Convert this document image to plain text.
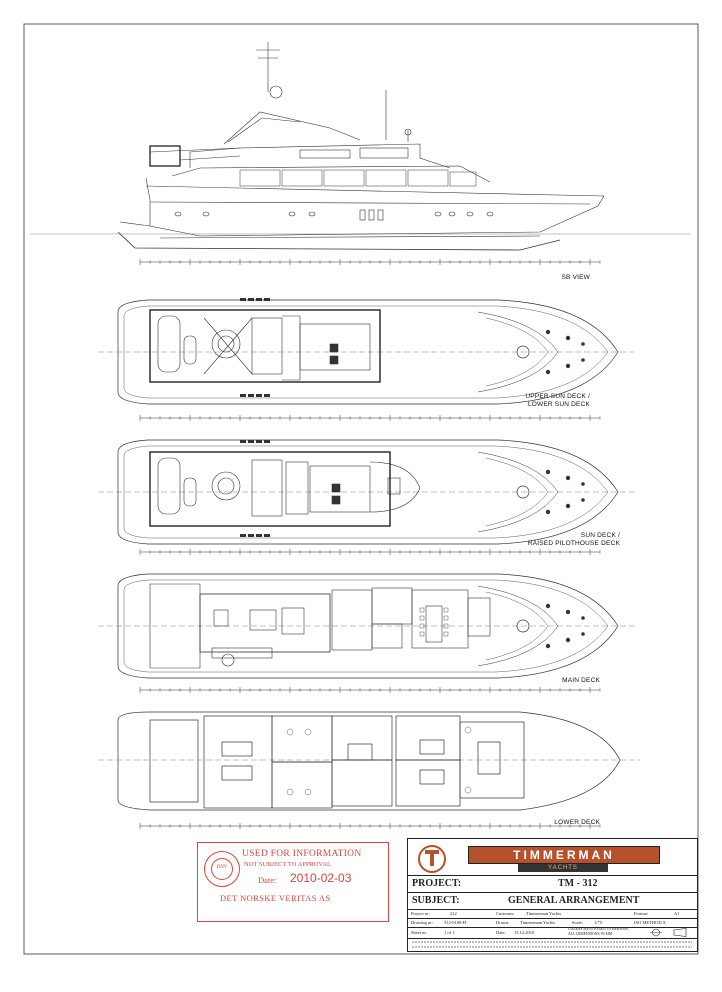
SB VIEW
UPPER SUN DECK /
LOWER SUN DECK
SUN DECK /
RAISED PILOTHOUSE DECK
MAIN DECK
LOWER DECK
DNV
USED FOR INFORMATION
NOT SUBJECT TO APPROVAL
Date: 2010-02-03
DET NORSKE VERITAS AS
TIMMERMAN
YACHTS
PROJECT:	TM - 312
SUBJECT:	GENERAL ARRANGEMENT
Project nr:	312	Customer:	Timmerman Yachts	Format:	A1
Drawing nr: 312-0100-H	Drawn: Timmerman Yachts	Scale: 1/75	ISO METHOD A
Sheet nr:	1 of 1	Date: 15.12.2010
UNLESS MENTIONED OTHERWISE
ALL DIMENSIONS IN MM
